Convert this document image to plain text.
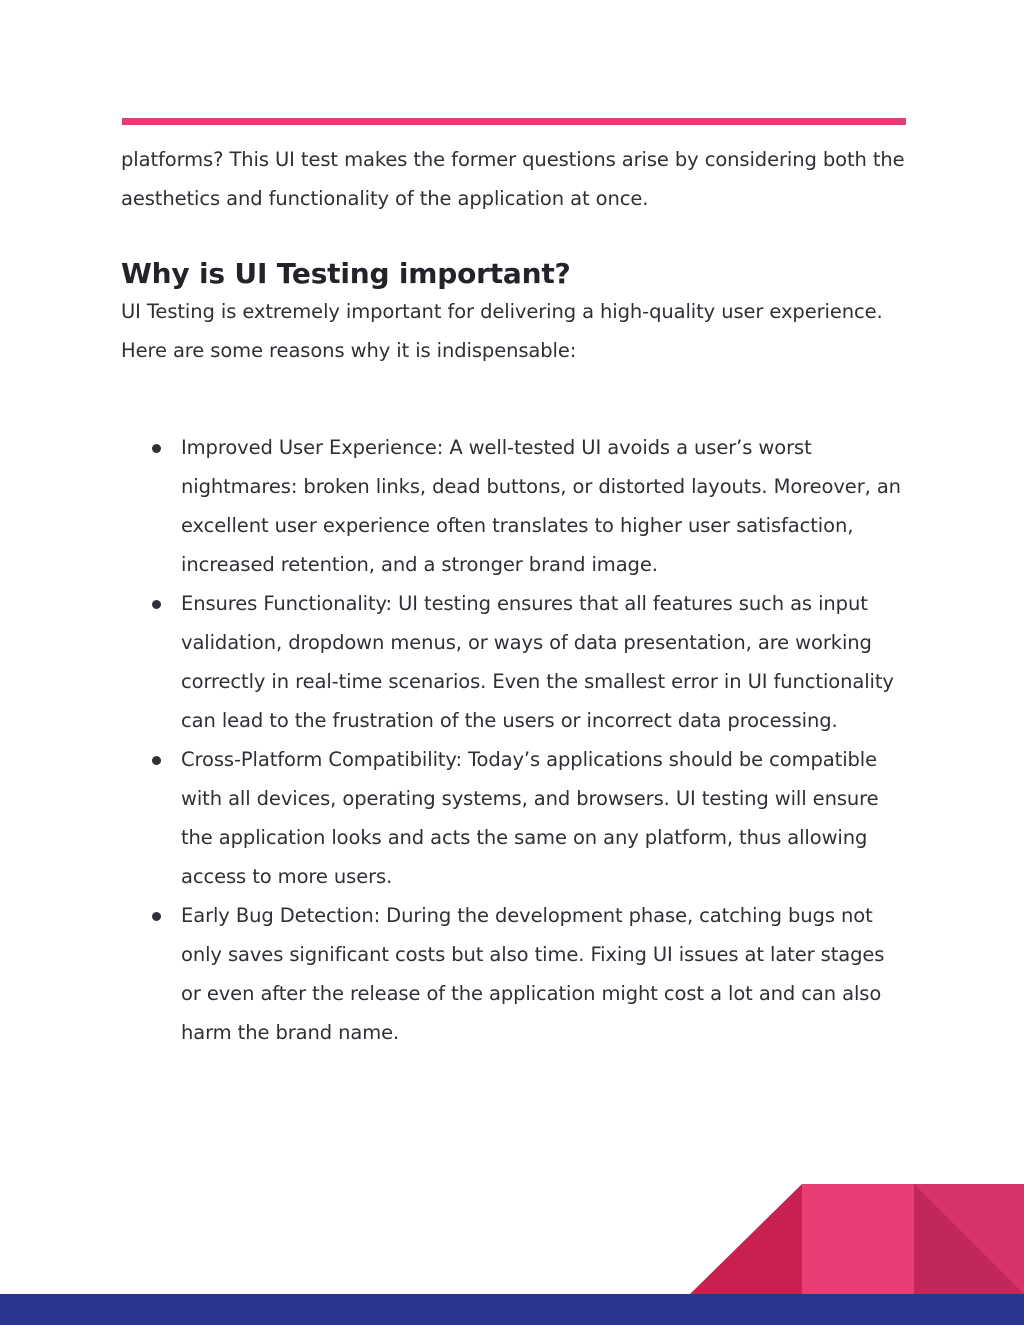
platforms? This UI test makes the former questions arise by considering both the aesthetics and functionality of the application at once.

Why is UI Testing important?

UI Testing is extremely important for delivering a high-quality user experience. Here are some reasons why it is indispensable:

Improved User Experience: A well-tested UI avoids a user’s worst nightmares: broken links, dead buttons, or distorted layouts. Moreover, an excellent user experience often translates to higher user satisfaction, increased retention, and a stronger brand image.
Ensures Functionality: UI testing ensures that all features such as input validation, dropdown menus, or ways of data presentation, are working correctly in real-time scenarios. Even the smallest error in UI functionality can lead to the frustration of the users or incorrect data processing.
Cross-Platform Compatibility: Today’s applications should be compatible with all devices, operating systems, and browsers. UI testing will ensure the application looks and acts the same on any platform, thus allowing access to more users.
Early Bug Detection: During the development phase, catching bugs not only saves significant costs but also time. Fixing UI issues at later stages or even after the release of the application might cost a lot and can also harm the brand name.
